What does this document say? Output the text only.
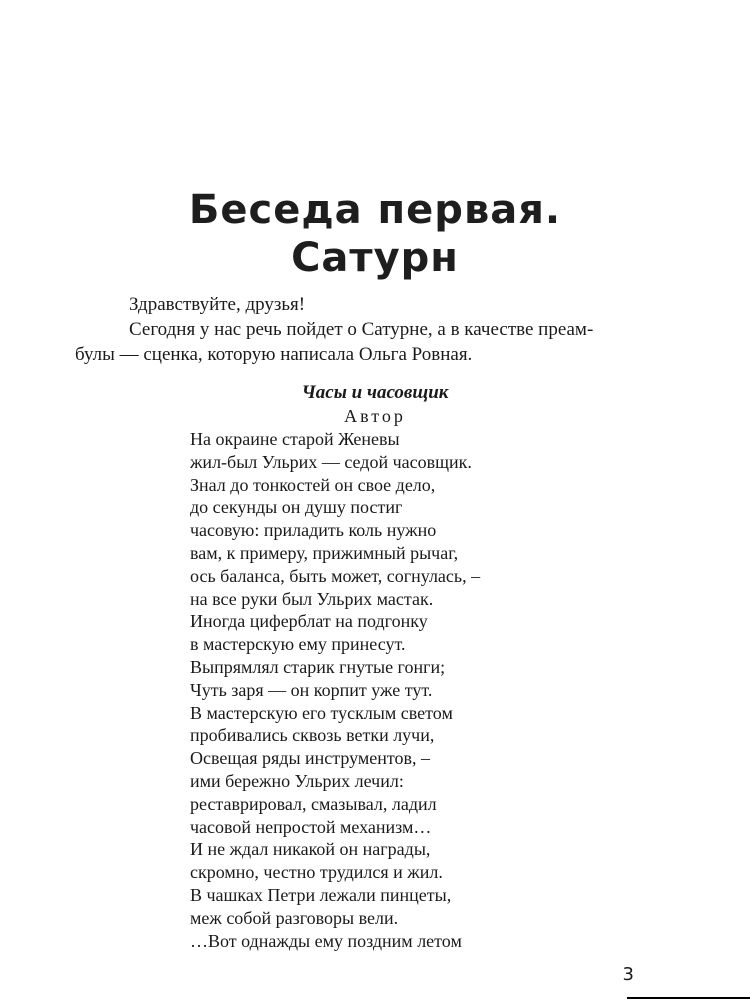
Беседа первая.
Сатурн

Здравствуйте, друзья!

Сегодня у нас речь пойдет о Сатурне, а в качестве преам-
булы — сценка, которую написала Ольга Ровная.

Часы и часовщик
Автор
На окраине старой Женевы
жил-был Ульрих — седой часовщик.
Знал до тонкостей он свое дело,
до секунды он душу постиг
часовую: приладить коль нужно
вам, к примеру, прижимный рычаг,
ось баланса, быть может, согнулась, –
на все руки был Ульрих мастак.
Иногда циферблат на подгонку
в мастерскую ему принесут.
Выпрямлял старик гнутые гонги;
Чуть заря — он корпит уже тут.
В мастерскую его тусклым светом
пробивались сквозь ветки лучи,
Освещая ряды инструментов, –
ими бережно Ульрих лечил:
реставрировал, смазывал, ладил
часовой непростой механизм…
И не ждал никакой он награды,
скромно, честно трудился и жил.
В чашках Петри лежали пинцеты,
меж собой разговоры вели.
…Вот однажды ему поздним летом
3
